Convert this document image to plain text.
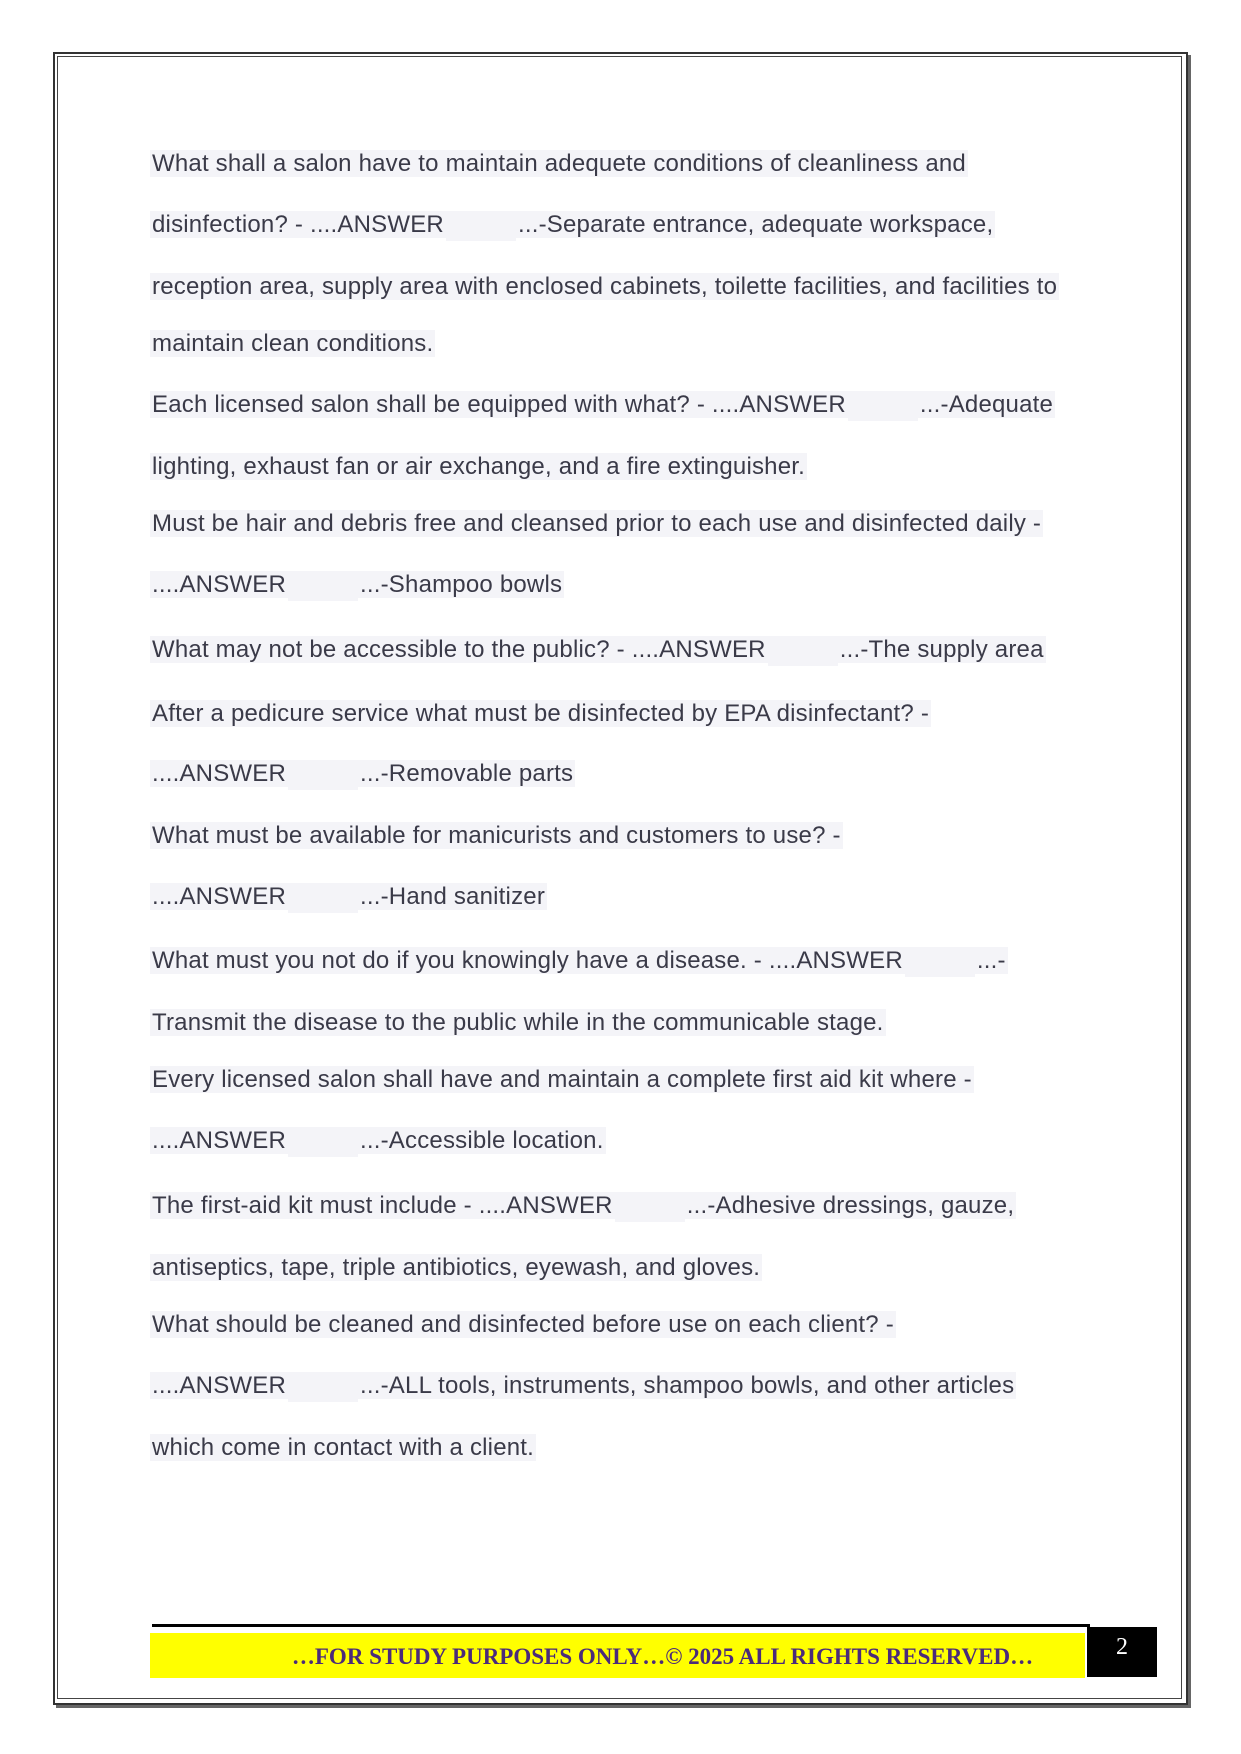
What shall a salon have to maintain adequete conditions of cleanliness and
disinfection? - ....ANSWER	...-Separate entrance, adequate workspace,
reception area, supply area with enclosed cabinets, toilette facilities, and facilities to
maintain clean conditions.
Each licensed salon shall be equipped with what? - ....ANSWER	...-Adequate
lighting, exhaust fan or air exchange, and a fire extinguisher.
Must be hair and debris free and cleansed prior to each use and disinfected daily -
....ANSWER	...-Shampoo bowls
What may not be accessible to the public? - ....ANSWER	...-The supply area
After a pedicure service what must be disinfected by EPA disinfectant? -
....ANSWER	...-Removable parts
What must be available for manicurists and customers to use? -
....ANSWER	...-Hand sanitizer
What must you not do if you knowingly have a disease. - ....ANSWER	...-
Transmit the disease to the public while in the communicable stage.
Every licensed salon shall have and maintain a complete first aid kit where -
....ANSWER	...-Accessible location.
The first-aid kit must include - ....ANSWER	...-Adhesive dressings, gauze,
antiseptics, tape, triple antibiotics, eyewash, and gloves.
What should be cleaned and disinfected before use on each client? -
....ANSWER	...-ALL tools, instruments, shampoo bowls, and other articles
which come in contact with a client.
…FOR STUDY PURPOSES ONLY…© 2025 ALL RIGHTS RESERVED…	2
